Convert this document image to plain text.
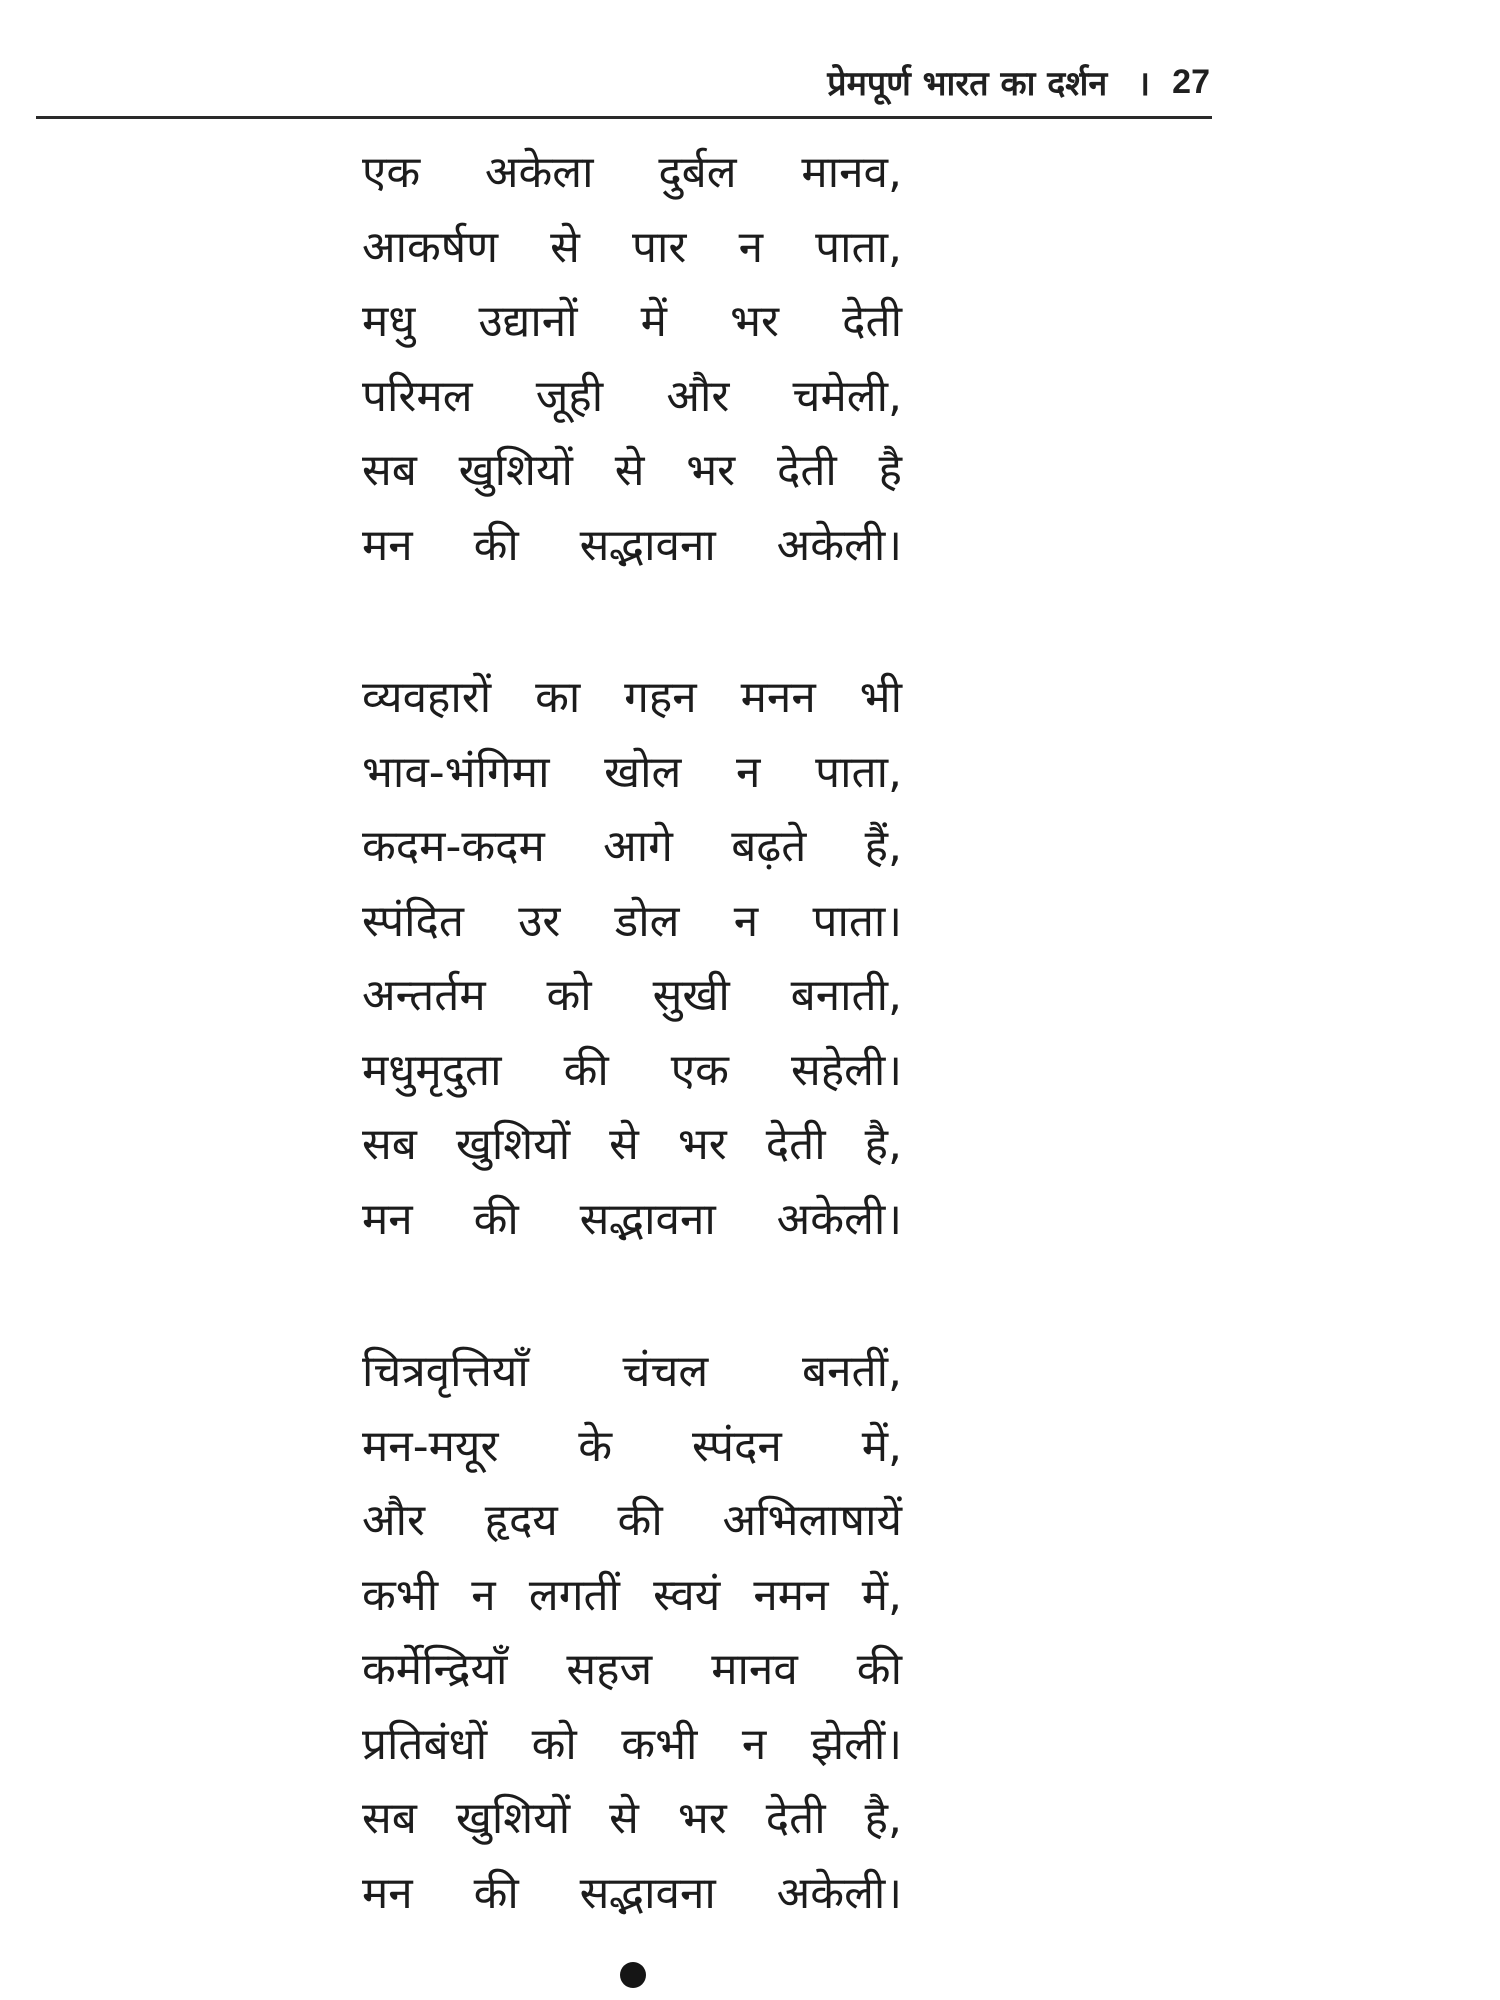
प्रेमपूर्ण भारत का दर्शन । 27
एक अकेला दुर्बल मानव,
आकर्षण से पार न पाता,
मधु उद्यानों में भर देती
परिमल जूही और चमेली,
सब खुशियों से भर देती है
मन की सद्भावना अकेली।
व्यवहारों का गहन मनन भी
भाव-भंगिमा खोल न पाता,
कदम-कदम आगे बढ़ते हैं,
स्पंदित उर डोल न पाता।
अन्तर्तम को सुखी बनाती,
मधुमृदुता की एक सहेली।
सब खुशियों से भर देती है,
मन की सद्भावना अकेली।
चित्रवृत्तियाँ चंचल बनतीं,
मन-मयूर के स्पंदन में,
और हृदय की अभिलाषायें
कभी न लगतीं स्वयं नमन में,
कर्मेन्द्रियाँ सहज मानव की
प्रतिबंधों को कभी न झेलीं।
सब खुशियों से भर देती है,
मन की सद्भावना अकेली।
